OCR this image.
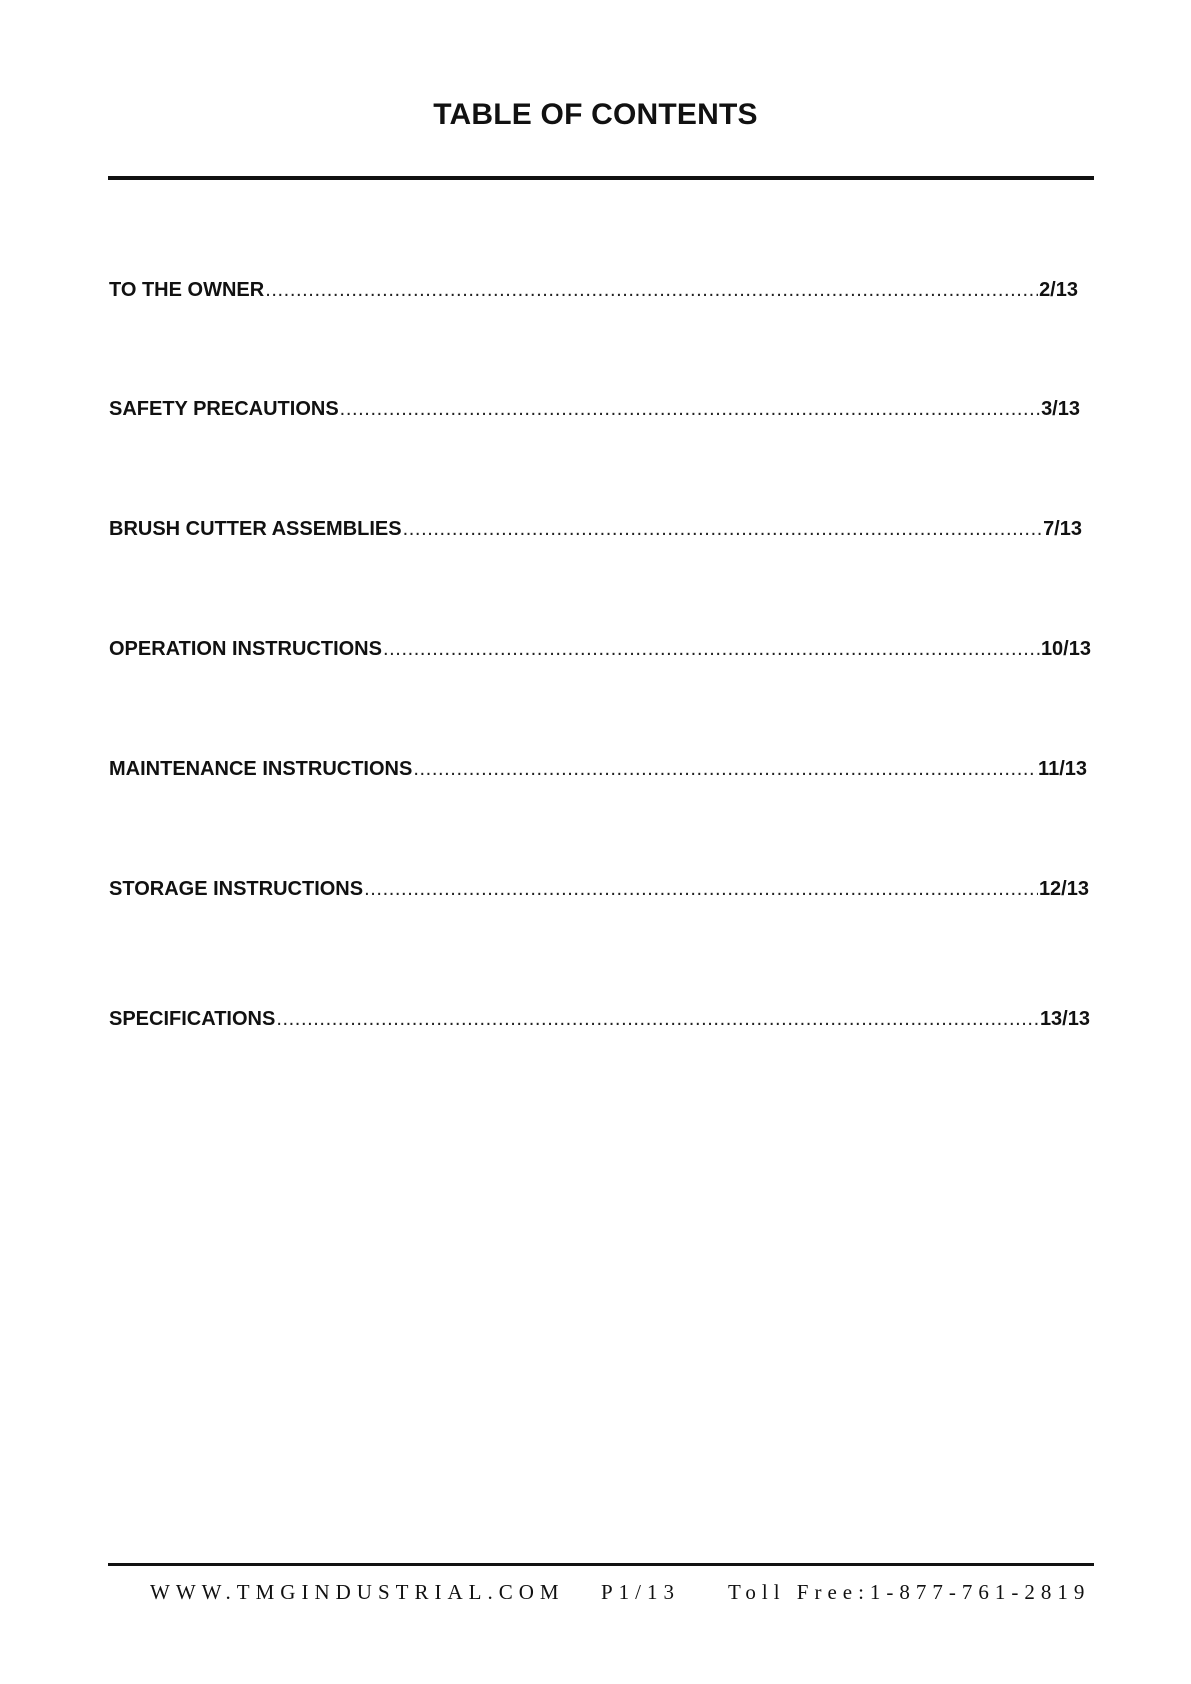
TABLE OF CONTENTS
TO THE OWNER .....	2/13
SAFETY PRECAUTIONS .....	3/13
BRUSH CUTTER ASSEMBLIES .....	7/13
OPERATION INSTRUCTIONS .....	10/13
MAINTENANCE INSTRUCTIONS .....	11/13
STORAGE INSTRUCTIONS .....	12/13
SPECIFICATIONS .....	13/13
WWW.TMGINDUSTRIAL.COM P1/13 Toll Free:1-877-761-2819
